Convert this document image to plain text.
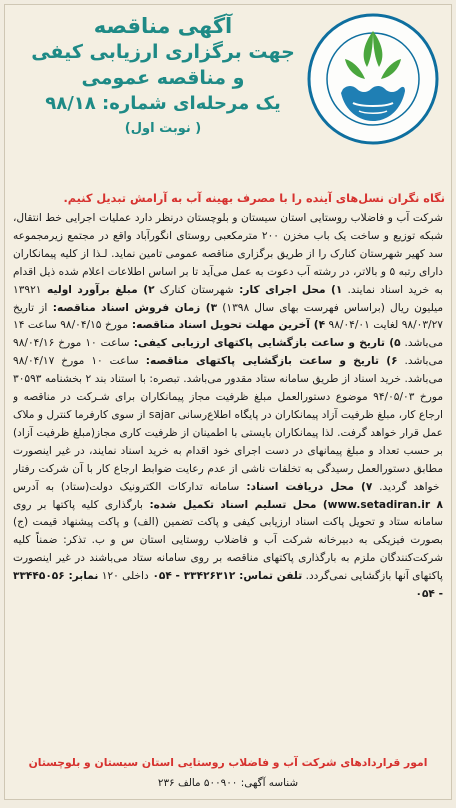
آگهی مناقصه

جهت برگزاری ارزیابی کیفی

و مناقصه عمومی

یک مرحله‌ای شماره: ۹۸/۱۸

( نوبت اول)

نگاه نگران نسل‌های آینده را با مصرف بهینه آب به آرامش تبدیل کنیم.

شرکت آب و فاضلاب روستایی استان سیستان و بلوچستان درنظر دارد عملیات اجرایی خط انتقال، شبکه توزیع و ساخت یک باب مخزن ۲۰۰ مترمکعبی روستای انگورآباد واقع در مجتمع زیرمجموعه سد کهیر شهرستان کنارک را از طریق برگزاری مناقصه عمومی تامین نماید. لـذا از کلیه پیمانکاران دارای رتبه ۵ و بالاتر، در رشته آب دعوت به عمل می‌آید تا بر اساس اطلاعات اعلام شده ذیل اقدام به خرید اسناد نمایند. ۱) محل اجرای کار: شهرستان کنارک ۲) مبلغ برآورد اولیه ۱۳۹۲۱ میلیون ریال (براساس فهرست بهای سال ۱۳۹۸) ۳) زمان فروش اسناد مناقصه: از تاریخ ۹۸/۰۳/۲۷ لغایت ۹۸/۰۴/۰۱ ۴) آخرین مهلت تحویل اسناد مناقصه: مورخ ۹۸/۰۴/۱۵ ساعت ۱۴ می‌باشد. ۵) تاریخ و ساعت بازگشایی پاکتهای ارزیابی کیفی: ساعت ۱۰ مورخ ۹۸/۰۴/۱۶ می‌باشد. ۶) تاریخ و ساعت بازگشایی پاکتهای مناقصه: ساعت ۱۰ مورخ ۹۸/۰۴/۱۷ می‌باشد. خرید اسناد از طریق سامانه ستاد مقدور می‌باشد. تبصره: با استناد بند ۲ بخشنامه ۳۰۵۹۳ مورخ ۹۴/۰۵/۰۳ موضوع دستورالعمل مبلغ ظرفیت مجاز پیمانکاران برای شـرکت در مناقصه و ارجاع کار، مبلغ ظرفیت آزاد پیمانکاران در پایگاه اطلاع‌رسانی sajar از سوی کارفرما کنترل و ملاک عمل قرار خواهد گرفت. لذا پیمانکاران بایستی با اطمینان از ظرفیت کاری مجاز(مبلغ ظرفیت آزاد) بر حسب تعداد و مبلغ پیمانهای در دست اجرای خود اقدام به خرید اسناد نمایند، در غیر اینصورت مطابق دستورالعمل رسیدگی به تخلفات ناشی از عدم رعایت ضوابط ارجاع کار با آن شرکت رفتار خواهد گردید. ۷) محل دریافت اسناد: سامانه تدارکات الکترونیک دولت(ستاد) به آدرس www.setadiran.ir ۸) محل تسلیم اسناد تکمیل شده: بارگذاری کلیه پاکتها بر روی سامانه ستاد و تحویل پاکت اسناد ارزیابی کیفی و پاکت تضمین (الف) و پاکت پیشنهاد قیمت (ج) بصورت فیزیکی به دبیرخانه شرکت آب و فاضلاب روستایی استان س و ب. تذکر: ضمناً کلیه شرکت‌کنندگان ملزم به بارگذاری پاکتهای مناقصه بر روی سامانه ستاد می‌باشند در غیر اینصورت پاکتهای آنها بازگشایی نمی‌گردد. تلفن تماس: ۳۳۴۲۶۳۱۲ - ۰۵۴ داخلی ۱۲۰ نمابر: ۳۳۴۴۵۰۵۶ - ۰۵۴

امور قراردادهای شرکت آب و فاضلاب روستایی استان سیستان و بلوچستان
شناسه آگهی: ۵۰۰۹۰۰ مالف ۲۳۶
